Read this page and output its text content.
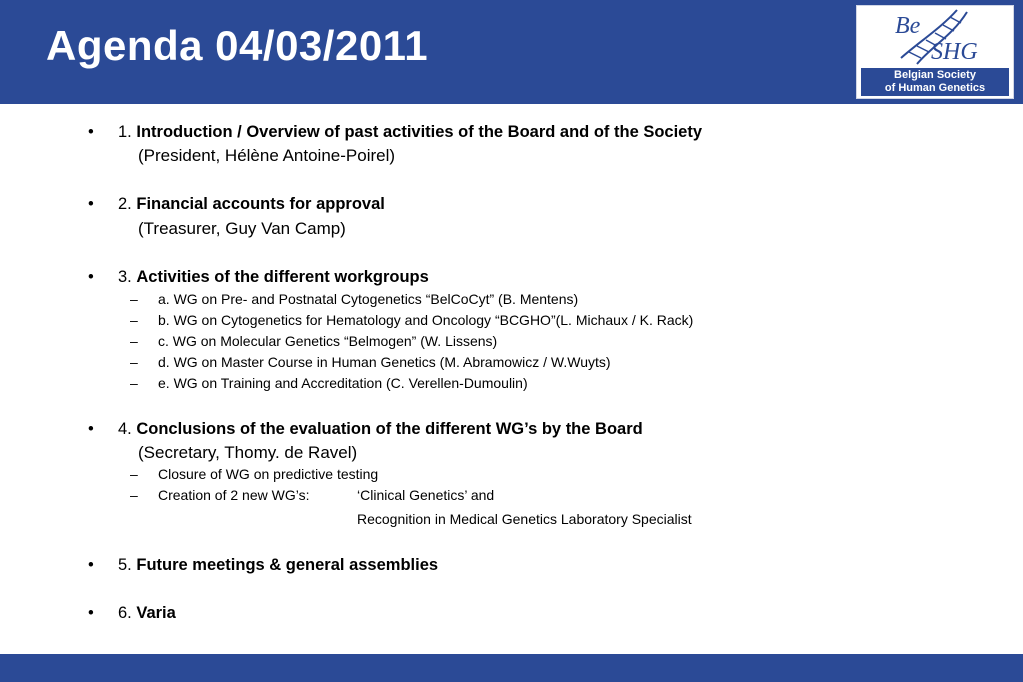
Agenda 04/03/2011	Be
SHG
Belgian Society
of Human Genetics
• 1. Introduction / Overview of past activities of the Board and of the Society
(President, Hélène Antoine-Poirel)
• 2. Financial accounts for approval
(Treasurer, Guy Van Camp)
• 3. Activities of the different workgroups
– a. WG on Pre- and Postnatal Cytogenetics “BelCoCyt” (B. Mentens)
– b. WG on Cytogenetics for Hematology and Oncology “BCGHO”(L. Michaux / K. Rack)
– c. WG on Molecular Genetics “Belmogen” (W. Lissens)
– d. WG on Master Course in Human Genetics (M. Abramowicz / W.Wuyts)
– e. WG on Training and Accreditation (C. Verellen-Dumoulin)
• 4. Conclusions of the evaluation of the different WG’s by the Board
(Secretary, Thomy. de Ravel)
– Closure of WG on predictive testing
– Creation of 2 new WG’s:	‘Clinical Genetics’ and
Recognition in Medical Genetics Laboratory Specialist
• 5. Future meetings & general assemblies
• 6. Varia
